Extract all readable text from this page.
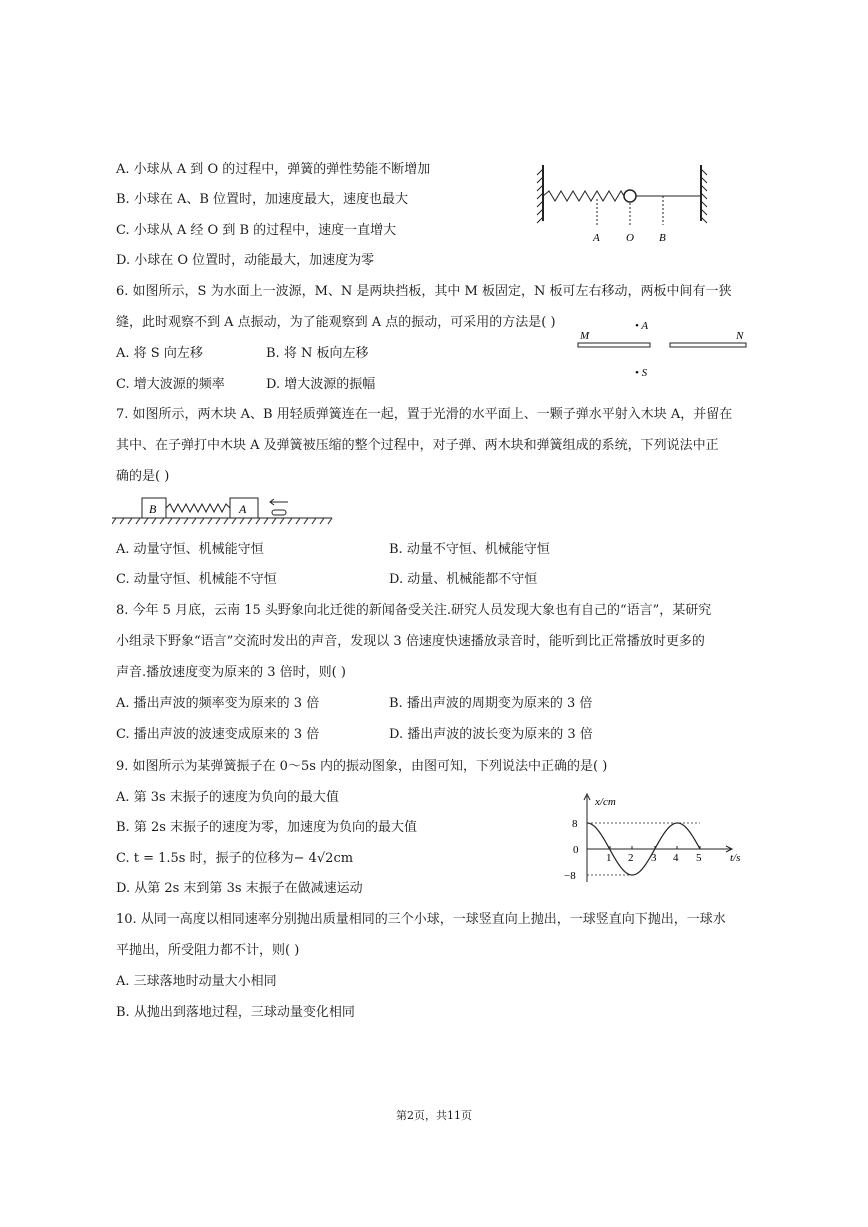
A. 小球从 A 到 O 的过程中，弹簧的弹性势能不断增加
B. 小球在 A、B 位置时，加速度最大，速度也最大
C. 小球从 A 经 O 到 B 的过程中，速度一直增大
D. 小球在 O 位置时，动能最大，加速度为零
A O B
6. 如图所示，S 为水面上一波源，M、N 是两块挡板，其中 M 板固定，N 板可左右移动，两板中间有一狭
缝，此时观察不到 A 点振动，为了能观察到 A 点的振动，可采用的方法是( )
A. 将 S 向左移	B. 将 N 板向左移
C. 增大波源的频率	D. 增大波源的振幅
• A
M	N
• S
7. 如图所示，两木块 A、B 用轻质弹簧连在一起，置于光滑的水平面上、一颗子弹水平射入木块 A，并留在
其中、在子弹打中木块 A 及弹簧被压缩的整个过程中，对子弹、两木块和弹簧组成的系统，下列说法中正
确的是( )
B	A
A. 动量守恒、机械能守恒	B. 动量不守恒、机械能守恒
C. 动量守恒、机械能不守恒	D. 动量、机械能都不守恒
8. 今年 5 月底，云南 15 头野象向北迁徙的新闻备受关注.研究人员发现大象也有自己的“语言”，某研究
小组录下野象“语言”交流时发出的声音，发现以 3 倍速度快速播放录音时，能听到比正常播放时更多的
声音.播放速度变为原来的 3 倍时，则( )
A. 播出声波的频率变为原来的 3 倍	B. 播出声波的周期变为原来的 3 倍
C. 播出声波的波速变成原来的 3 倍	D. 播出声波的波长变为原来的 3 倍
9. 如图所示为某弹簧振子在 0～5s 内的振动图象，由图可知，下列说法中正确的是( )
A. 第 3s 末振子的速度为负向的最大值
B. 第 2s 末振子的速度为零，加速度为负向的最大值
C. t = 1.5s 时，振子的位移为− 4√2cm
D. 从第 2s 末到第 3s 末振子在做减速运动
x/cm
t/s
8
0
−8
1 2 3 4 5
10. 从同一高度以相同速率分别抛出质量相同的三个小球，一球竖直向上抛出，一球竖直向下抛出，一球水
平抛出，所受阻力都不计，则( )
A. 三球落地时动量大小相同
B. 从抛出到落地过程，三球动量变化相同
第2页，共11页
